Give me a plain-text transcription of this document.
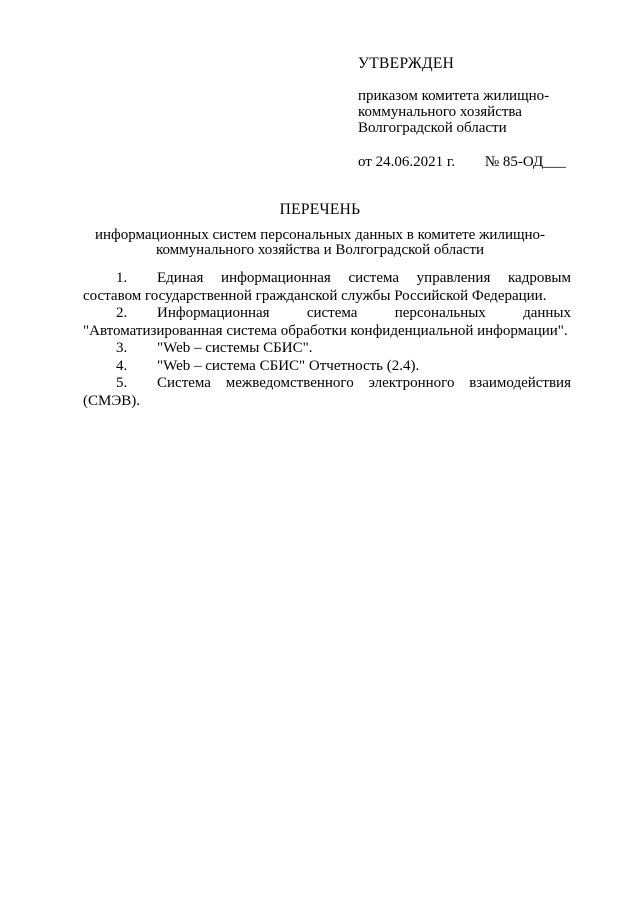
УТВЕРЖДЕН
приказом комитета жилищно-
коммунального хозяйства
Волгоградской области
от 24.06.2021 г. № 85-ОД___
ПЕРЕЧЕНЬ
информационных систем персональных данных в комитете жилищно-коммунального хозяйства и Волгоградской области
1. Единая информационная система управления кадровым составом государственной гражданской службы Российской Федерации.
2. Информационная система персональных данных "Автоматизированная система обработки конфиденциальной информации".
3. "Web – системы СБИС".
4. "Web – система СБИС" Отчетность (2.4).
5. Система межведомственного электронного взаимодействия (СМЭВ).
